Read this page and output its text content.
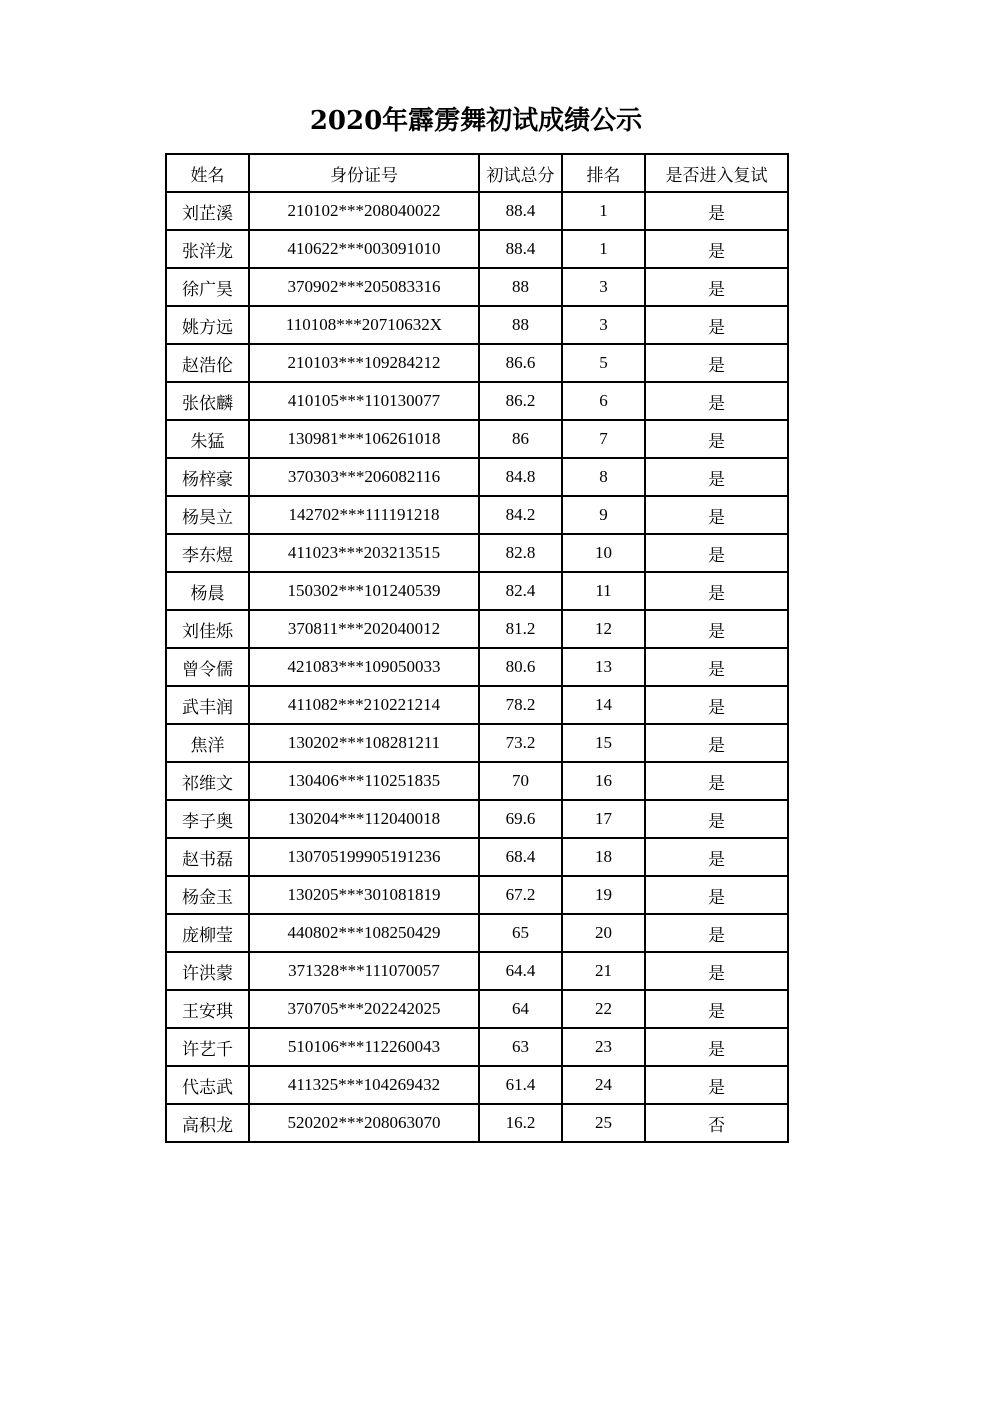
2020年霹雳舞初试成绩公示
姓名	身份证号	初试总分	排名	是否进入复试
刘芷溪	210102***208040022	88.4	1	是
张洋龙	410622***003091010	88.4	1	是
徐广昊	370902***205083316	88	3	是
姚方远	110108***20710632X	88	3	是
赵浩伦	210103***109284212	86.6	5	是
张依麟	410105***110130077	86.2	6	是
朱猛	130981***106261018	86	7	是
杨梓豪	370303***206082116	84.8	8	是
杨昊立	142702***111191218	84.2	9	是
李东煜	411023***203213515	82.8	10	是
杨晨	150302***101240539	82.4	11	是
刘佳烁	370811***202040012	81.2	12	是
曾令儒	421083***109050033	80.6	13	是
武丰润	411082***210221214	78.2	14	是
焦洋	130202***108281211	73.2	15	是
祁维文	130406***110251835	70	16	是
李子奥	130204***112040018	69.6	17	是
赵书磊	130705199905191236	68.4	18	是
杨金玉	130205***301081819	67.2	19	是
庞柳莹	440802***108250429	65	20	是
许洪蒙	371328***111070057	64.4	21	是
王安琪	370705***202242025	64	22	是
许艺千	510106***112260043	63	23	是
代志武	411325***104269432	61.4	24	是
高积龙	520202***208063070	16.2	25	否
